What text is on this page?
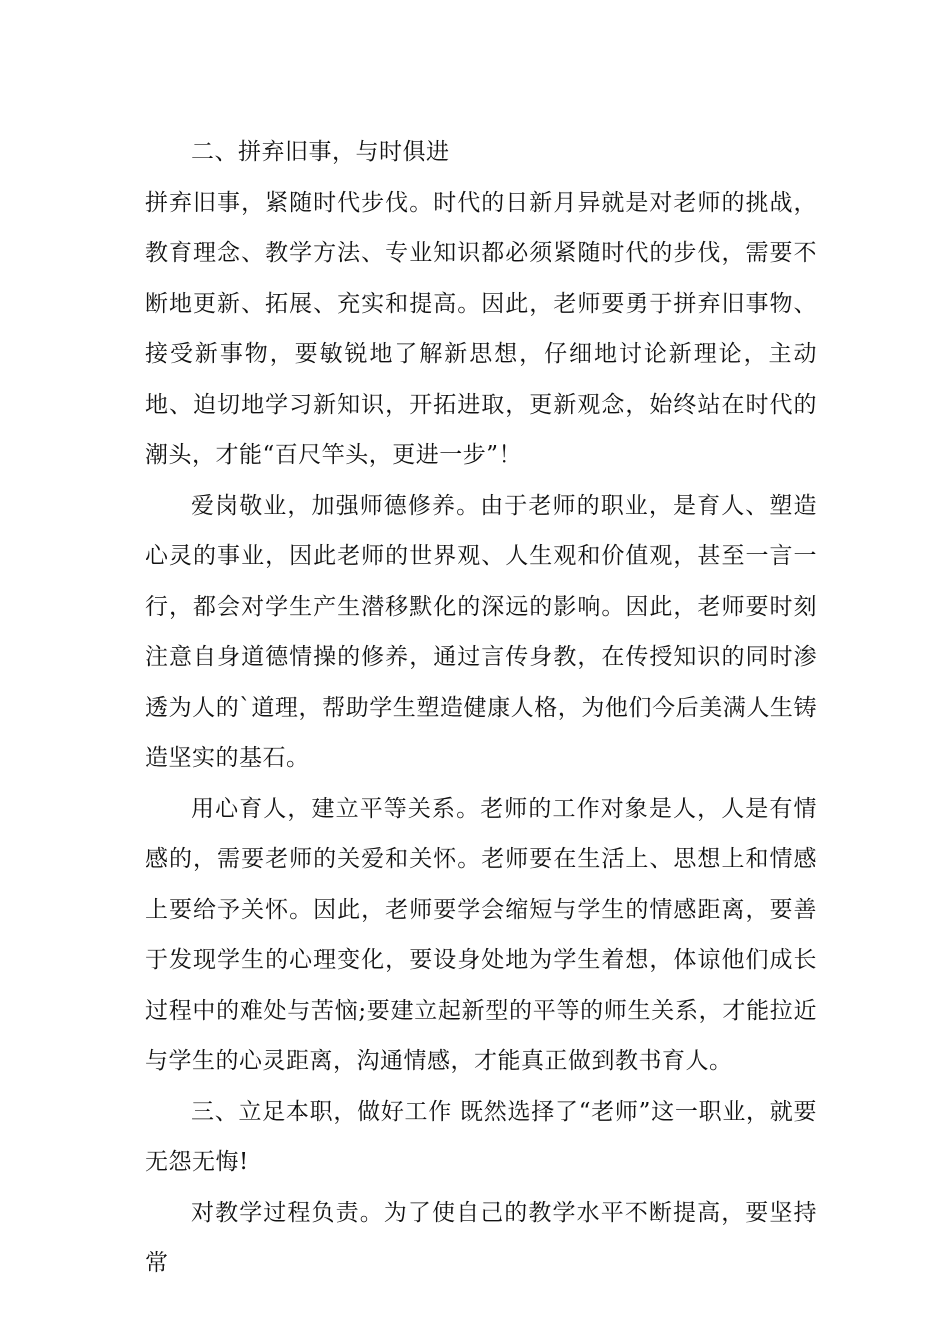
二、拼弃旧事，与时俱进

拼弃旧事，紧随时代步伐。时代的日新月异就是对老师的挑战，教育理念、教学方法、专业知识都必须紧随时代的步伐，需要不断地更新、拓展、充实和提高。因此，老师要勇于拼弃旧事物、接受新事物，要敏锐地了解新思想，仔细地讨论新理论，主动地、迫切地学习新知识，开拓进取，更新观念，始终站在时代的潮头，才能“百尺竿头，更进一步”！

爱岗敬业，加强师德修养。由于老师的职业，是育人、塑造心灵的事业，因此老师的世界观、人生观和价值观，甚至一言一行，都会对学生产生潜移默化的深远的影响。因此，老师要时刻注意自身道德情操的修养，通过言传身教，在传授知识的同时渗透为人的`道理，帮助学生塑造健康人格，为他们今后美满人生铸造坚实的基石。

用心育人，建立平等关系。老师的工作对象是人，人是有情感的，需要老师的关爱和关怀。老师要在生活上、思想上和情感上要给予关怀。因此，老师要学会缩短与学生的情感距离，要善于发现学生的心理变化，要设身处地为学生着想，体谅他们成长过程中的难处与苦恼;要建立起新型的平等的师生关系，才能拉近与学生的心灵距离，沟通情感，才能真正做到教书育人。

三、立足本职，做好工作 既然选择了“老师”这一职业，就要无怨无悔!

对教学过程负责。为了使自己的教学水平不断提高，要坚持常
